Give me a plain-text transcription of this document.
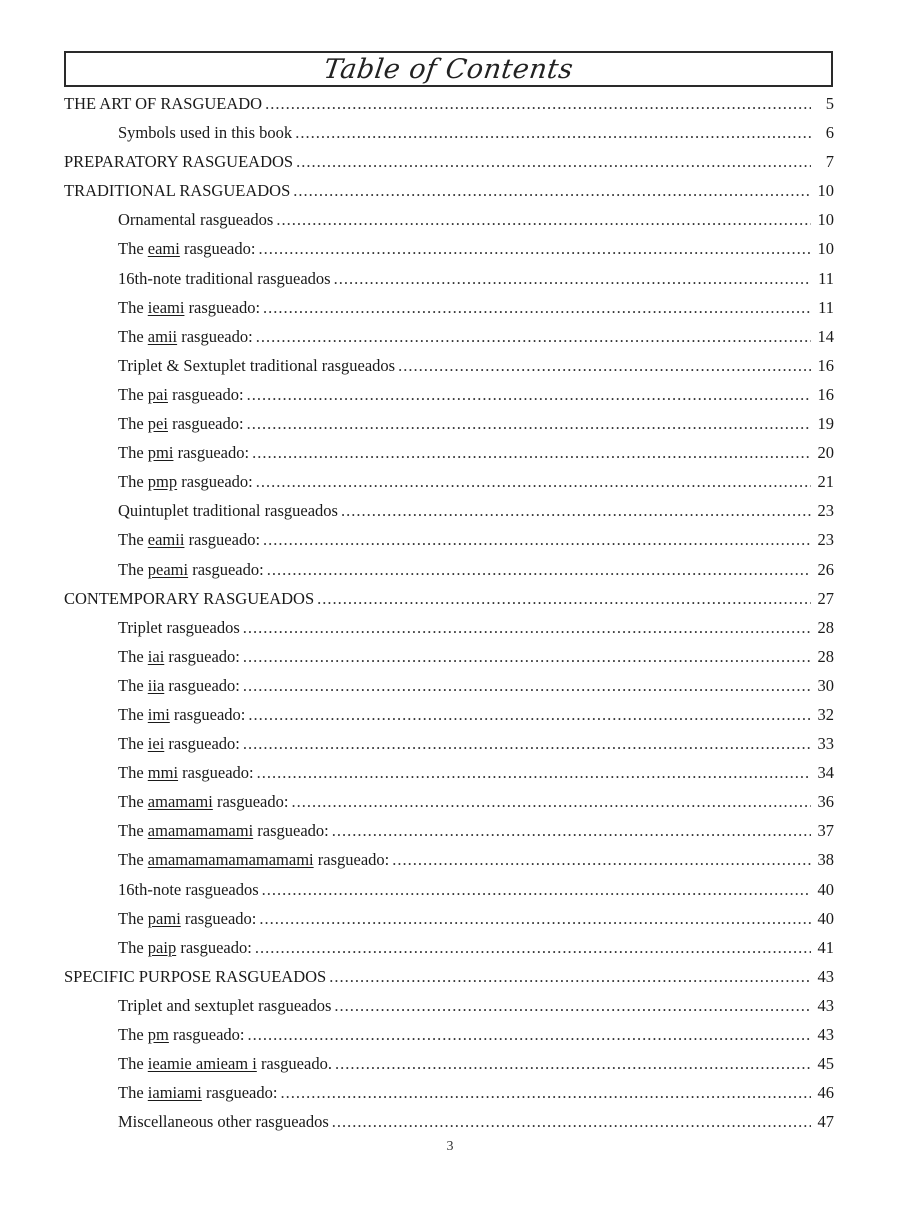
Table of Contents
THE ART OF RASGUEADO .....	5
Symbols used in this book .....	6
PREPARATORY RASGUEADOS .....	7
TRADITIONAL RASGUEADOS .....	10
Ornamental rasgueados .....	10
The eami rasgueado: .....	10
16th-note traditional rasgueados .....	11
The ieami rasgueado: .....	11
The amii rasgueado: .....	14
Triplet & Sextuplet traditional rasgueados .....	16
The pai rasgueado: .....	16
The pei rasgueado: .....	19
The pmi rasgueado: .....	20
The pmp rasgueado: .....	21
Quintuplet traditional rasgueados .....	23
The eamii rasgueado: .....	23
The peami rasgueado: .....	26
CONTEMPORARY RASGUEADOS .....	27
Triplet rasgueados .....	28
The iai rasgueado: .....	28
The iia rasgueado: .....	30
The imi rasgueado: .....	32
The iei rasgueado: .....	33
The mmi rasgueado: .....	34
The amamami rasgueado: .....	36
The amamamamami rasgueado: .....	37
The amamamamamamamami rasgueado: .....	38
16th-note rasgueados .....	40
The pami rasgueado: .....	40
The paip rasgueado: .....	41
SPECIFIC PURPOSE RASGUEADOS .....	43
Triplet and sextuplet rasgueados .....	43
The pm rasgueado: .....	43
The ieamie amieam i rasgueado. .....	45
The iamiami rasgueado: .....	46
Miscellaneous other rasgueados .....	47
3
